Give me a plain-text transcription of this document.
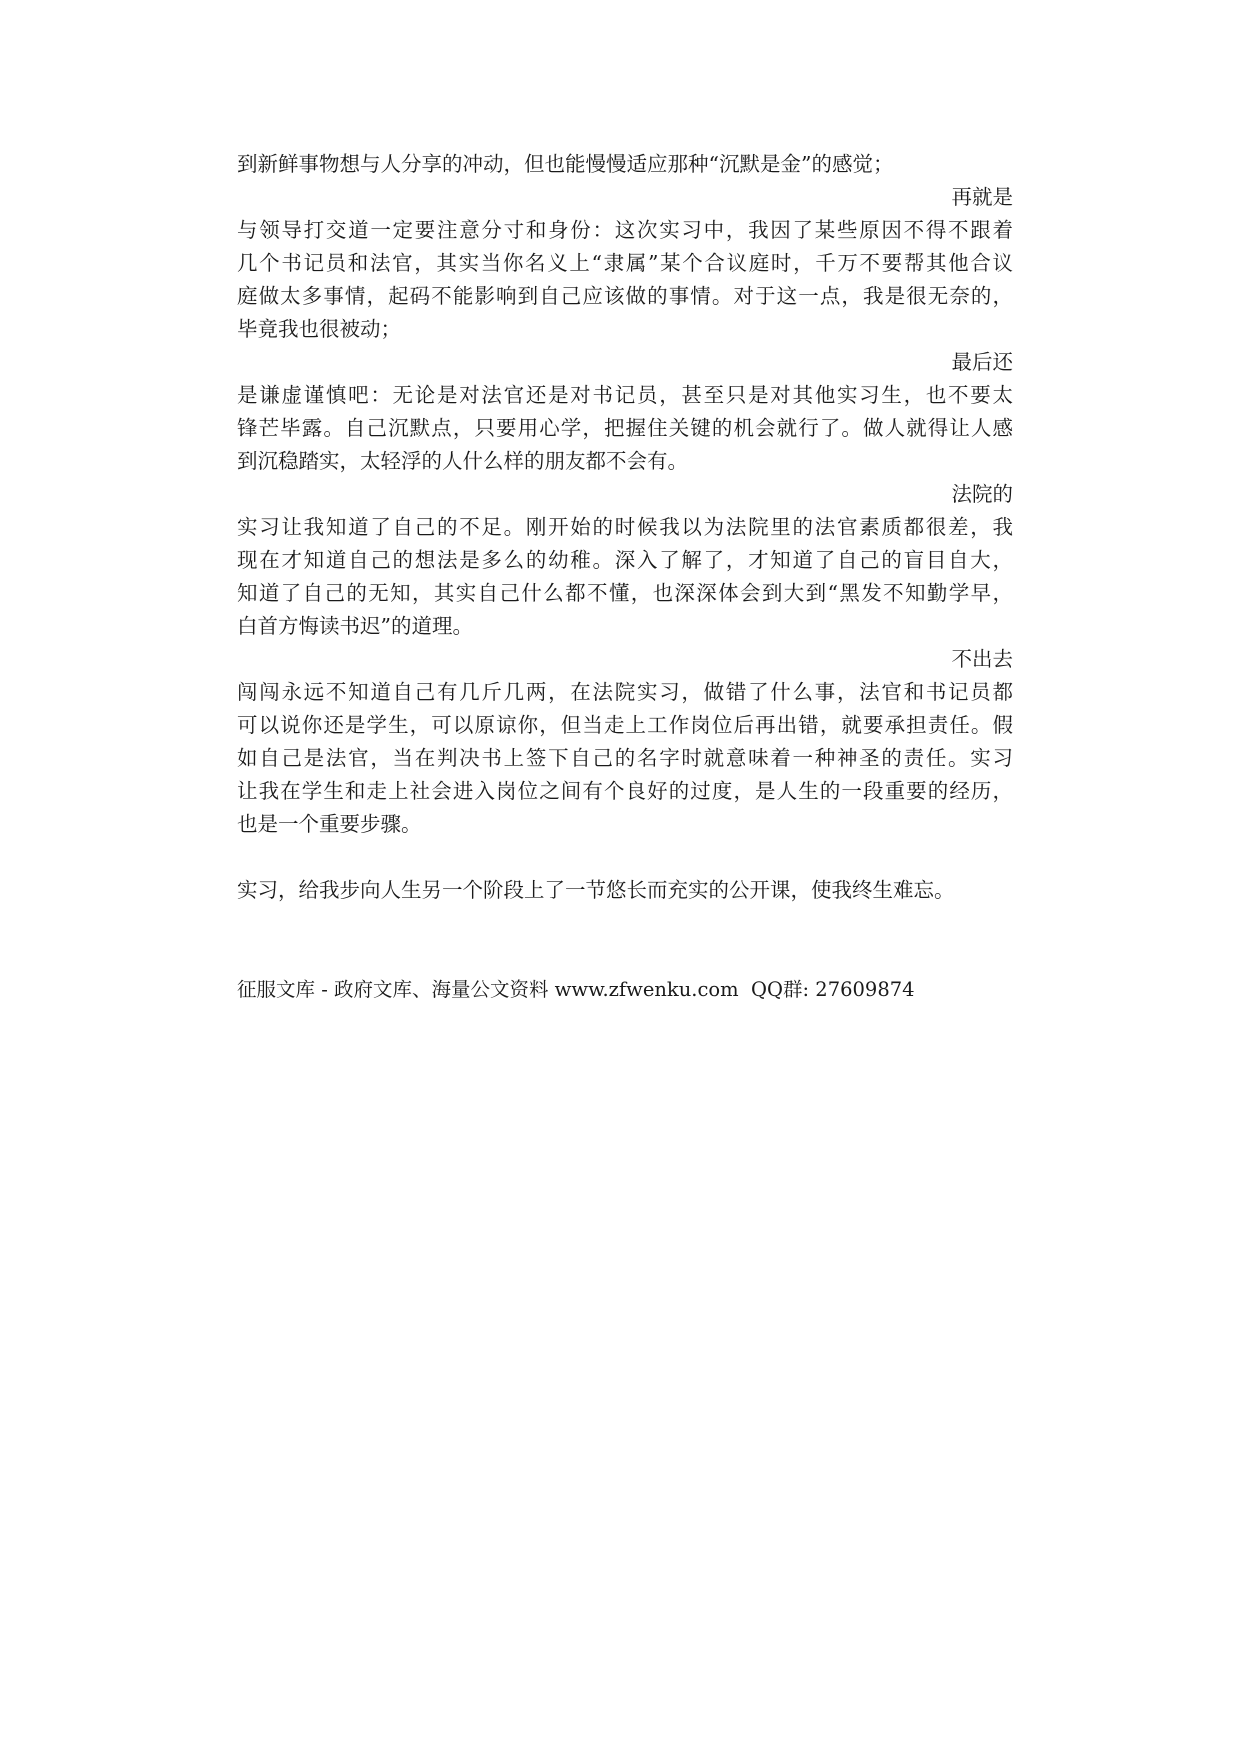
到新鲜事物想与人分享的冲动，但也能慢慢适应那种“沉默是金”的感觉；
再就是
与领导打交道一定要注意分寸和身份：这次实习中，我因了某些原因不得不跟着
几个书记员和法官，其实当你名义上“隶属”某个合议庭时，千万不要帮其他合议
庭做太多事情，起码不能影响到自己应该做的事情。对于这一点，我是很无奈的，
毕竟我也很被动；
最后还
是谦虚谨慎吧：无论是对法官还是对书记员，甚至只是对其他实习生，也不要太
锋芒毕露。自己沉默点，只要用心学，把握住关键的机会就行了。做人就得让人感
到沉稳踏实，太轻浮的人什么样的朋友都不会有。
法院的
实习让我知道了自己的不足。刚开始的时候我以为法院里的法官素质都很差，我
现在才知道自己的想法是多么的幼稚。深入了解了，才知道了自己的盲目自大，
知道了自己的无知，其实自己什么都不懂，也深深体会到大到“黑发不知勤学早，
白首方悔读书迟”的道理。
不出去
闯闯永远不知道自己有几斤几两，在法院实习，做错了什么事，法官和书记员都
可以说你还是学生，可以原谅你，但当走上工作岗位后再出错，就要承担责任。假
如自己是法官，当在判决书上签下自己的名字时就意味着一种神圣的责任。实习
让我在学生和走上社会进入岗位之间有个良好的过度，是人生的一段重要的经历，
也是一个重要步骤。
实习，给我步向人生另一个阶段上了一节悠长而充实的公开课，使我终生难忘。
征服文库 - 政府文库、海量公文资料 www.zfwenku.com  QQ群: 27609874
